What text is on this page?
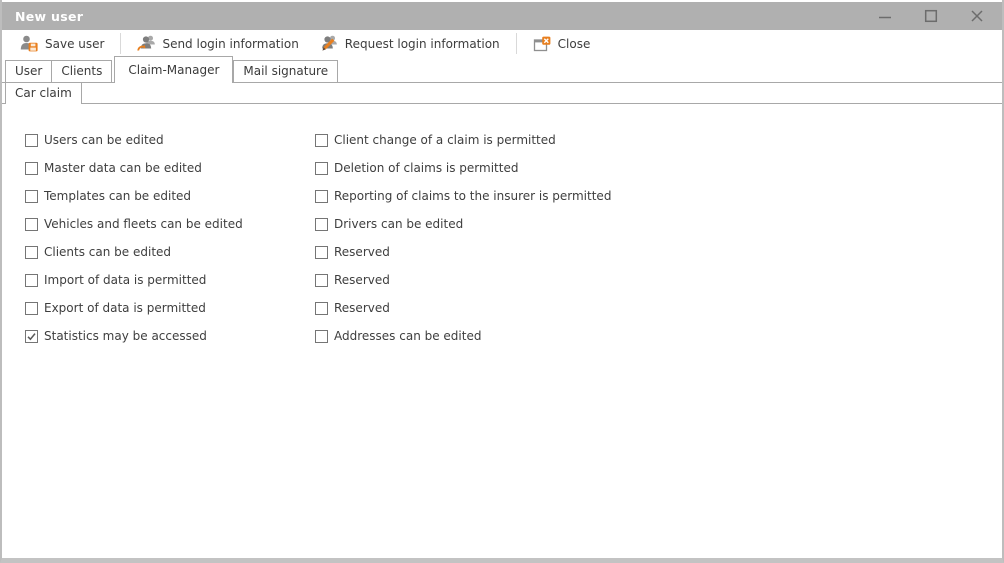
New user
Save user	Send login information	Request login information	Close
User	Clients	Claim-Manager	Mail signature
Car claim
Users can be edited
Master data can be edited
Templates can be edited
Vehicles and fleets can be edited
Clients can be edited
Import of data is permitted
Export of data is permitted
Statistics may be accessed
Client change of a claim is permitted
Deletion of claims is permitted
Reporting of claims to the insurer is permitted
Drivers can be edited
Reserved
Reserved
Reserved
Addresses can be edited
